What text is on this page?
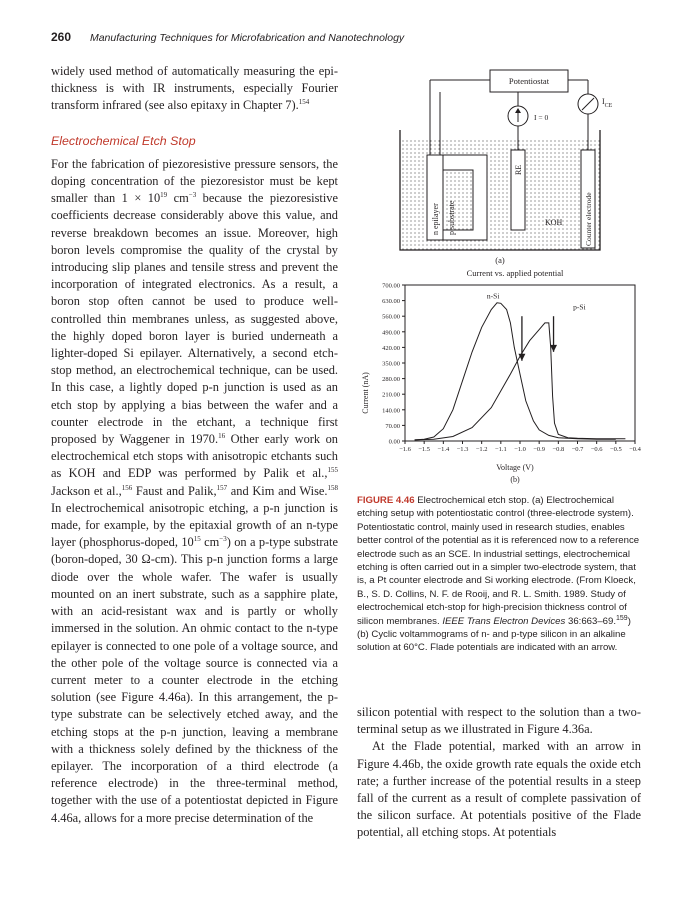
260 Manufacturing Techniques for Microfabrication and Nanotechnology

widely used method of automatically measuring the epi-thickness is with IR instruments, especially Fourier transform infrared (see also epitaxy in Chapter 7).$^{154}$

Electrochemical Etch Stop

For the fabrication of piezoresistive pressure sensors, the doping concentration of the piezoresistor must be kept smaller than $1 \times 10^{19}$ $cm^{-3}$ because the piezoresistive coefficients decrease considerably above this value, and reverse breakdown becomes an issue. Moreover, high boron levels compromise the quality of the crystal by introducing slip planes and tensile stress and prevent the incorporation of integrated electronics. As a result, a boron stop often cannot be used to produce well-controlled thin membranes unless, as suggested above, the highly doped boron layer is buried underneath a lighter-doped Si epilayer. Alternatively, a second etch-stop method, an electrochemical technique, can be used. In this case, a lightly doped p-n junction is used as an etch stop by applying a bias between the wafer and a counter electrode in the etchant, a technique first proposed by Waggener in 1970.16 Other early work on electrochemical etch stops with anisotropic etchants such as KOH and EDP was performed by Palik et al.,$^{155}$ Jackson et al.,$^{156}$ Faust and Palik,$^{157}$ and Kim and Wise.$^{158}$ In electrochemical anisotropic etching, a p-n junction is made, for example, by the epitaxial growth of an n-type layer (phosphorus-doped, $10^{15}$ $cm^{-3}$) on a p-type substrate (boron-doped, 30 Ω-cm). This p-n junction forms a large diode over the whole wafer. The wafer is usually mounted on an inert substrate, such as a sapphire plate, with an acid-resistant wax and is partly or wholly immersed in the solution. An ohmic contact to the n-type epilayer is connected to one pole of a voltage source, and the other pole of the voltage source is connected via a current meter to a counter electrode in the etching solution (see Figure 4.46a). In this arrangement, the p-type substrate can be selectively etched away, and the etching stops at the p-n junction, leaving a membrane with a thickness solely defined by the thickness of the epilayer. The incorporation of a third electrode (a reference electrode) in the three-terminal method, together with the use of a potentiostat depicted in Figure 4.46a, allows for a more precise determination of the

Potentiostat
$I_{CE}$
I = 0
n epilayer p substrate
RE
Counter electrode
KOH
(a)
Current vs. applied potential
Current (nA)
Voltage (V)
(b)
0.00
70.00
140.00
210.00
280.00
350.00
420.00
490.00
560.00
630.00
700.00
−1.6 −1.5 −1.4 −1.3 −1.2 −1.1 −1.0 −0.9 −0.8 −0.7 −0.6 −0.5 −0.4
n-Si
p-Si
FIGURE 4.46 Electrochemical etch stop. (a) Electrochemical etching setup with potentiostatic control (three-electrode system). Potentiostatic control, mainly used in research studies, enables better control of the potential as it is referenced now to a reference electrode such as an SCE. In industrial settings, electrochemical etching is often carried out in a simpler two-electrode system, that is, a Pt counter electrode and Si working electrode. (From Kloeck, B., S. D. Collins, N. F. de Rooij, and R. L. Smith. 1989. Study of electrochemical etch-stop for high-precision thickness control of silicon membranes. IEEE Trans Electron Devices 36:663–69.$^{159}$) (b) Cyclic voltammograms of n- and p-type silicon in an alkaline solution at 60°C. Flade potentials are indicated with an arrow.

silicon potential with respect to the solution than a two-terminal setup as we illustrated in Figure 4.36a.

At the Flade potential, marked with an arrow in Figure 4.46b, the oxide growth rate equals the oxide etch rate; a further increase of the potential results in a steep fall of the current as a result of complete passivation of the silicon surface. At potentials positive of the Flade potential, all etching stops. At potentials
